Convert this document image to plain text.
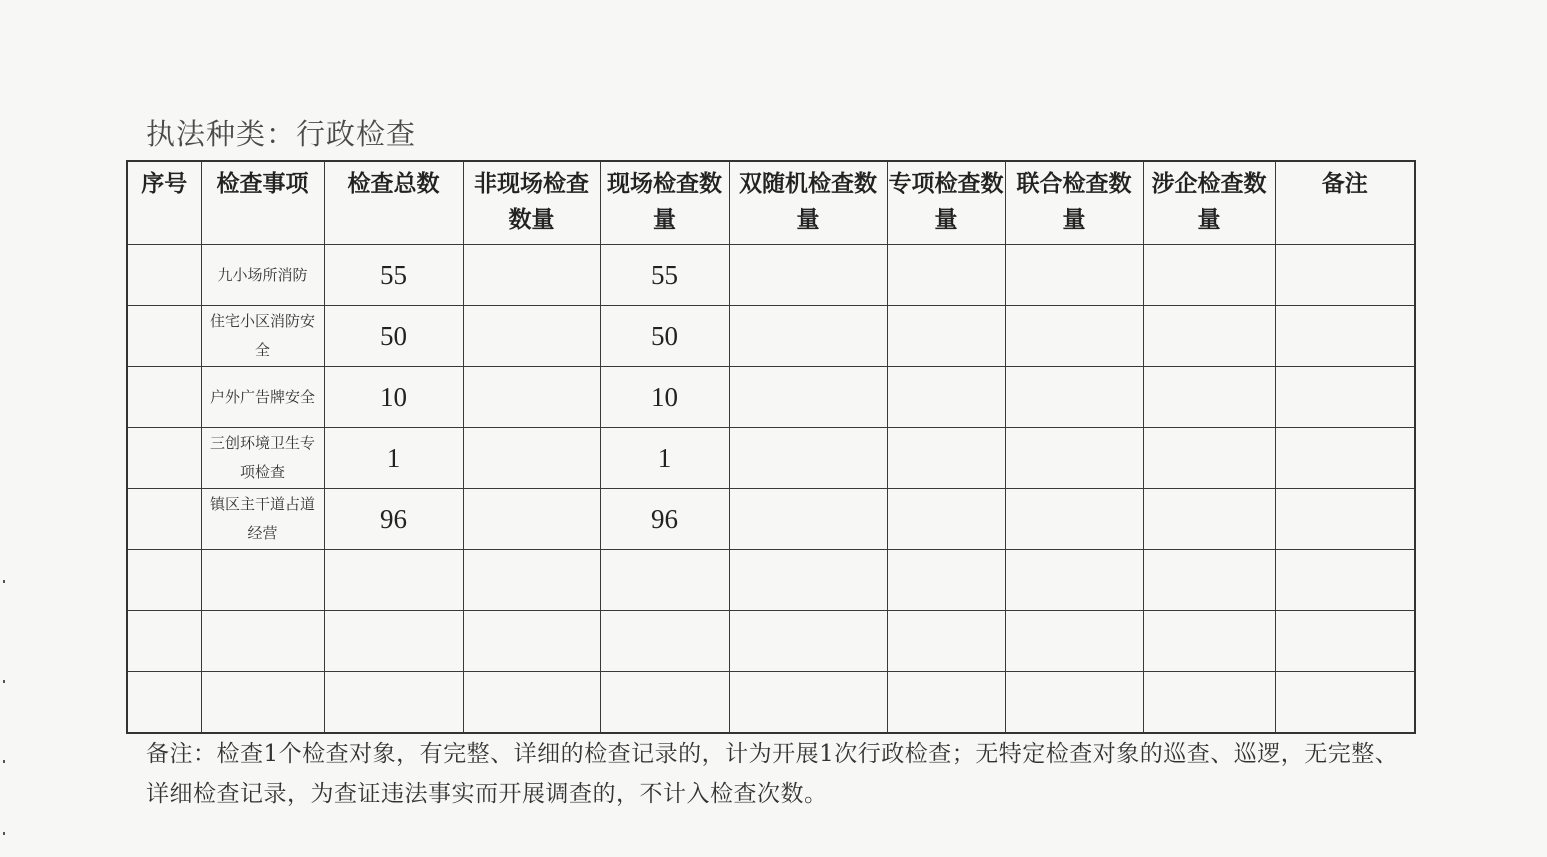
执法种类：行政检查
序号	检查事项	检查总数	非现场检查数量	现场检查数量	双随机检查数量	专项检查数量	联合检查数量	涉企检查数量	备注
	九小场所消防	55		55					
	住宅小区消防安全	50		50					
	户外广告牌安全	10		10					
	三创环境卫生专项检查	1		1					
	镇区主干道占道经营	96		96					

备注：检查1个检查对象，有完整、详细的检查记录的，计为开展1次行政检查；无特定检查对象的巡查、巡逻，无完整、详细检查记录，为查证违法事实而开展调查的，不计入检查次数。
